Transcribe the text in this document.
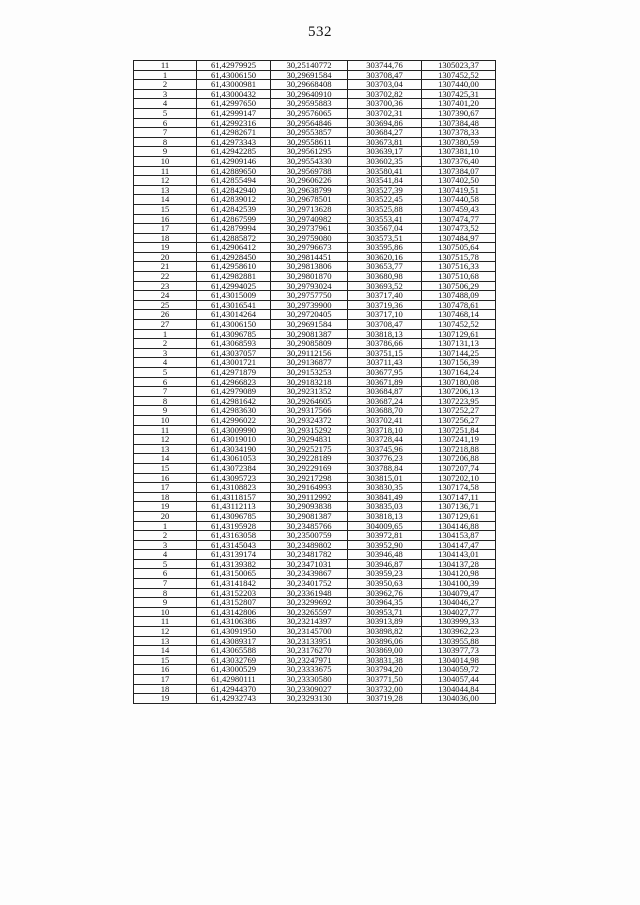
532
11	61,42979925	30,25140772	303744,76	1305023,37
1	61,43006150	30,29691584	303708,47	1307452,52
2	61,43000981	30,29668408	303703,04	1307440,00
3	61,43000432	30,29640910	303702,82	1307425,31
4	61,42997650	30,29595883	303700,36	1307401,20
5	61,42999147	30,29576065	303702,31	1307390,67
6	61,42992316	30,29564846	303694,86	1307384,48
7	61,42982671	30,29553857	303684,27	1307378,33
8	61,42973343	30,29558611	303673,81	1307380,59
9	61,42942285	30,29561295	303639,17	1307381,10
10	61,42909146	30,29554330	303602,35	1307376,40
11	61,42889650	30,29569788	303580,41	1307384,07
12	61,42855494	30,29606226	303541,84	1307402,50
13	61,42842940	30,29638799	303527,39	1307419,51
14	61,42839012	30,29678501	303522,45	1307440,58
15	61,42842539	30,29713628	303525,88	1307459,43
16	61,42867599	30,29740982	303553,41	1307474,77
17	61,42879994	30,29737961	303567,04	1307473,52
18	61,42885872	30,29759080	303573,51	1307484,97
19	61,42906412	30,29796673	303595,86	1307505,64
20	61,42928450	30,29814451	303620,16	1307515,78
21	61,42958610	30,29813806	303653,77	1307516,33
22	61,42982881	30,29801870	303680,98	1307510,68
23	61,42994025	30,29793024	303693,52	1307506,29
24	61,43015009	30,29757750	303717,40	1307488,09
25	61,43016541	30,29739900	303719,36	1307478,61
26	61,43014264	30,29720405	303717,10	1307468,14
27	61,43006150	30,29691584	303708,47	1307452,52
1	61,43096785	30,29081387	303818,13	1307129,61
2	61,43068593	30,29085809	303786,66	1307131,13
3	61,43037057	30,29112156	303751,15	1307144,25
4	61,43001721	30,29136877	303711,43	1307156,39
5	61,42971879	30,29153253	303677,95	1307164,24
6	61,42966823	30,29183218	303671,89	1307180,08
7	61,42979089	30,29231352	303684,87	1307206,13
8	61,42981642	30,29264605	303687,24	1307223,95
9	61,42983630	30,29317566	303688,70	1307252,27
10	61,42996022	30,29324372	303702,41	1307256,27
11	61,43009990	30,29315292	303718,10	1307251,84
12	61,43019010	30,29294831	303728,44	1307241,19
13	61,43034190	30,29252175	303745,96	1307218,88
14	61,43061053	30,29228189	303776,23	1307206,88
15	61,43072384	30,29229169	303788,84	1307207,74
16	61,43095723	30,29217298	303815,01	1307202,10
17	61,43108823	30,29164993	303830,35	1307174,58
18	61,43118157	30,29112992	303841,49	1307147,11
19	61,43112113	30,29093838	303835,03	1307136,71
20	61,43096785	30,29081387	303818,13	1307129,61
1	61,43195928	30,23485766	304009,65	1304146,88
2	61,43163058	30,23500759	303972,81	1304153,87
3	61,43145043	30,23489802	303952,90	1304147,47
4	61,43139174	30,23481782	303946,48	1304143,01
5	61,43139382	30,23471031	303946,87	1304137,28
6	61,43150065	30,23439867	303959,23	1304120,98
7	61,43141842	30,23401752	303950,63	1304100,39
8	61,43152203	30,23361948	303962,76	1304079,47
9	61,43152807	30,23299692	303964,35	1304046,27
10	61,43142806	30,23265597	303953,71	1304027,77
11	61,43106386	30,23214397	303913,89	1303999,33
12	61,43091950	30,23145700	303898,82	1303962,23
13	61,43089317	30,23133951	303896,06	1303955,88
14	61,43065588	30,23176270	303869,00	1303977,73
15	61,43032769	30,23247971	303831,38	1304014,98
16	61,43000529	30,23333675	303794,20	1304059,72
17	61,42980111	30,23330580	303771,50	1304057,44
18	61,42944370	30,23309027	303732,00	1304044,84
19	61,42932743	30,23293130	303719,28	1304036,00
